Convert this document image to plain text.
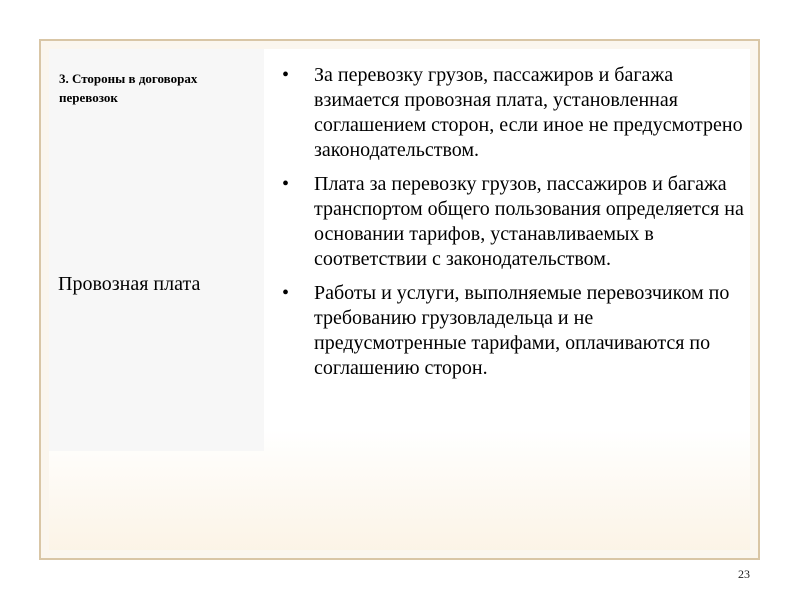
3. Стороны в договорах перевозок
Провозная плата
• За перевозку грузов, пассажиров и багажа взимается провозная плата, установленная соглашением сторон, если иное не предусмотрено законодательством.
• Плата за перевозку грузов, пассажиров и багажа транспортом общего пользования определяется на основании тарифов, устанавливаемых в соответствии с законодательством.
• Работы и услуги, выполняемые перевозчиком по требованию грузовладельца и не предусмотренные тарифами, оплачиваются по соглашению сторон.
23
